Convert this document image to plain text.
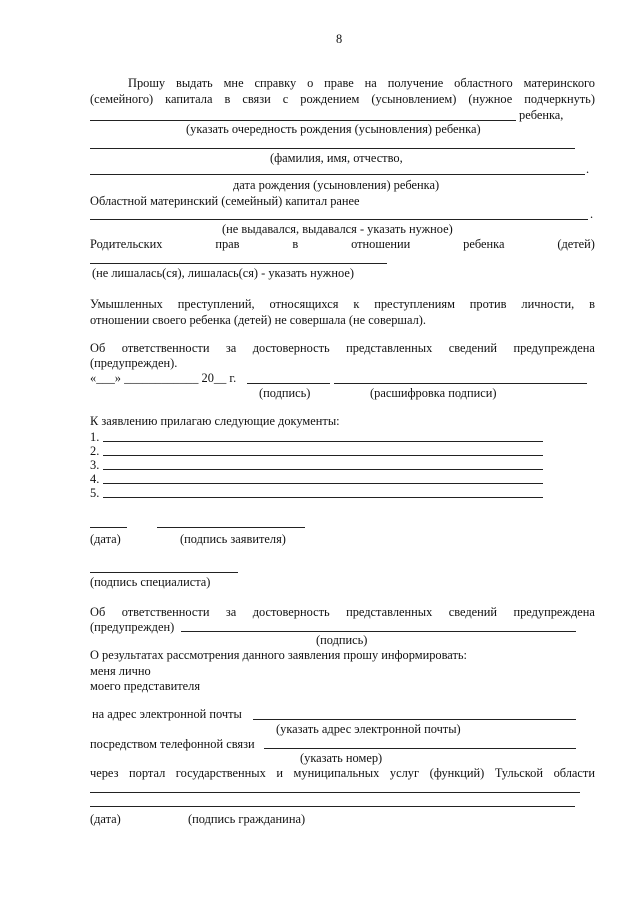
8
Прошу выдать мне справку о праве на получение областного материнского
(семейного) капитала в связи с рождением (усыновлением) (нужное подчеркнуть)
ребенка,
(указать очередность рождения (усыновления) ребенка)
(фамилия, имя, отчество,
.
дата рождения (усыновления) ребенка)
Областной материнский (семейный) капитал ранее
.
(не выдавался, выдавался - указать нужное)
Родительских	прав	в	отношении	ребенка	(детей)
(не лишалась(ся), лишалась(ся) - указать нужное)
Умышленных преступлений, относящихся к преступлениям против личности, в
отношении своего ребенка (детей) не совершала (не совершал).
Об ответственности за достоверность представленных сведений предупреждена
(предупрежден).
«___» ____________ 20__ г.
(подпись)	(расшифровка подписи)
К заявлению прилагаю следующие документы:
1.
2.
3.
4.
5.
(дата)	(подпись заявителя)
(подпись специалиста)
Об ответственности за достоверность представленных сведений предупреждена
(предупрежден)
(подпись)
О результатах рассмотрения данного заявления прошу информировать:
меня лично
моего представителя
на адрес электронной почты
(указать адрес электронной почты)
посредством телефонной связи
(указать номер)
через портал государственных и муниципальных услуг (функций) Тульской области
(дата)	(подпись гражданина)
